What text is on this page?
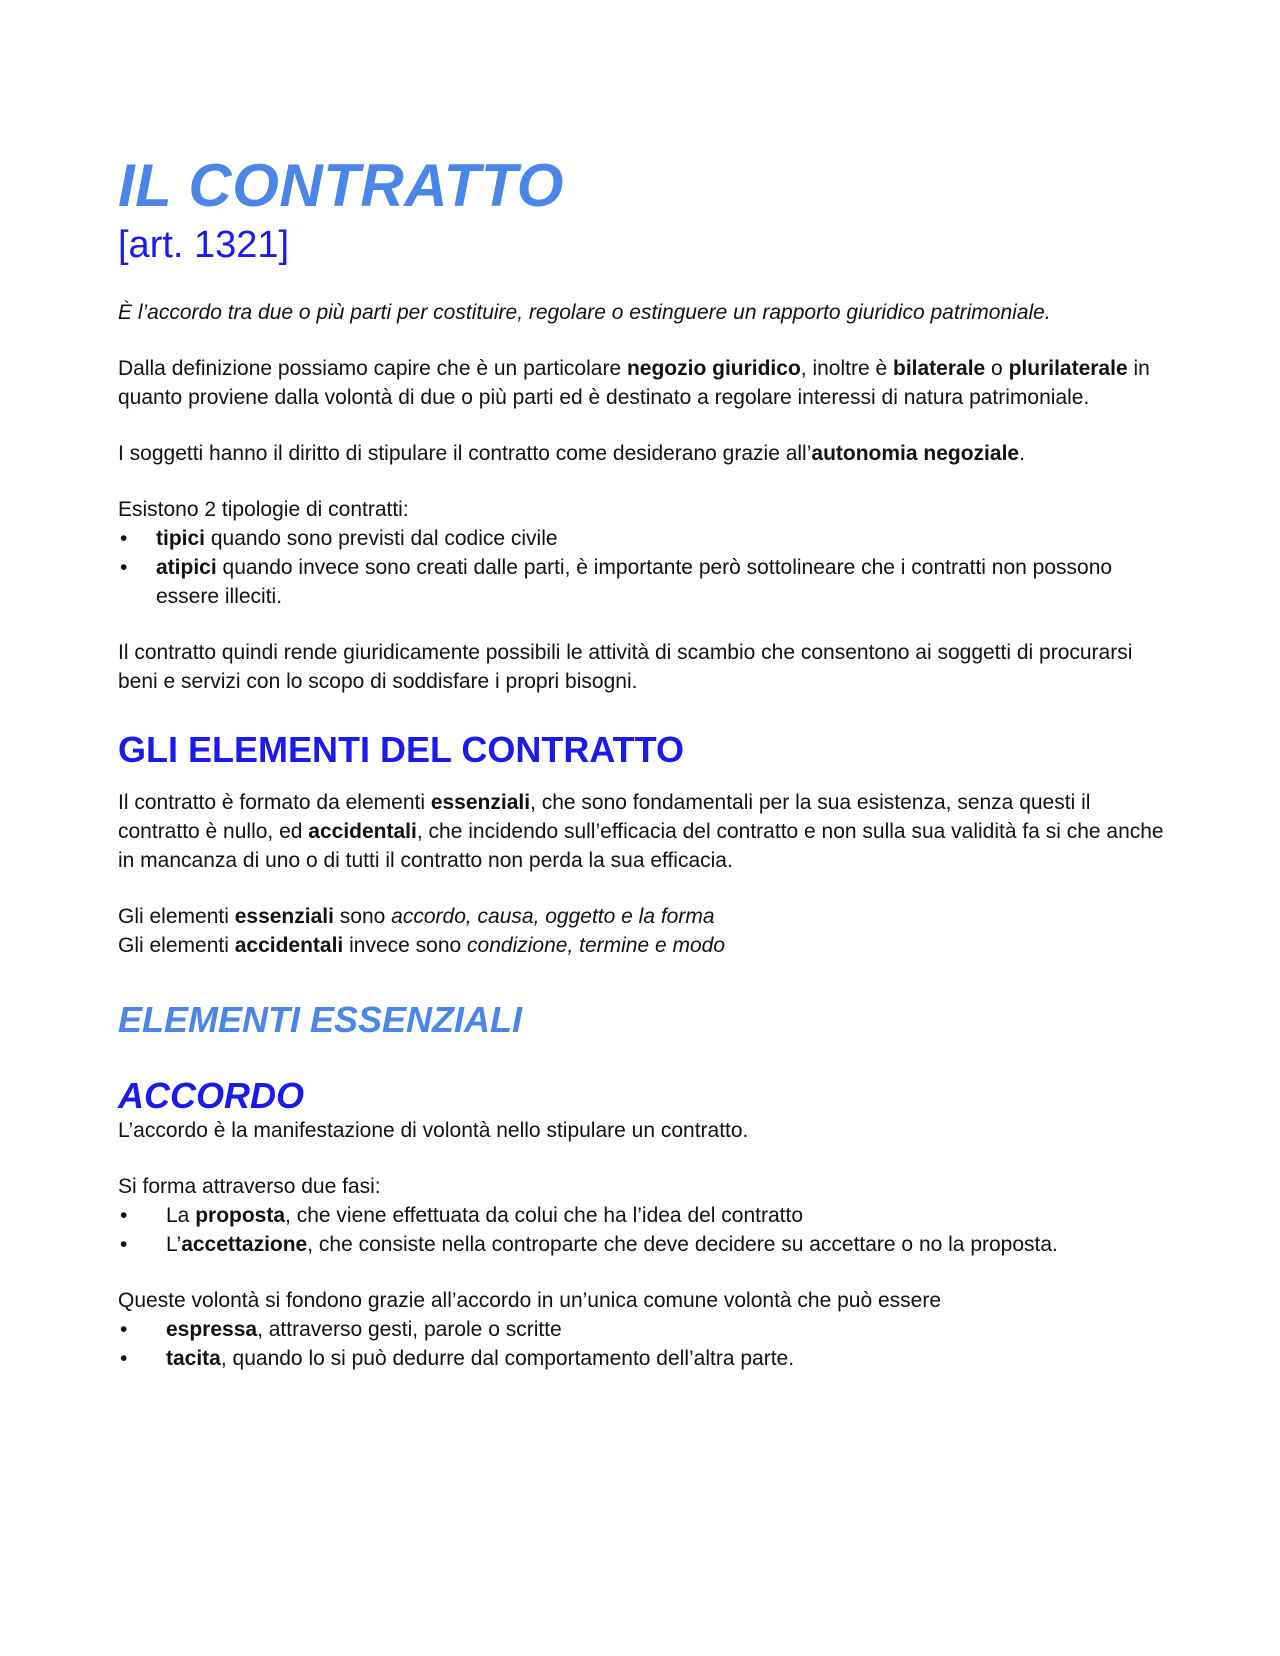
IL CONTRATTO
[art. 1321]

È l’accordo tra due o più parti per costituire, regolare o estinguere un rapporto giuridico patrimoniale.

Dalla definizione possiamo capire che è un particolare negozio giuridico, inoltre è bilaterale o plurilaterale in quanto proviene dalla volontà di due o più parti ed è destinato a regolare interessi di natura patrimoniale.

I soggetti hanno il diritto di stipulare il contratto come desiderano grazie all’autonomia negoziale.

Esistono 2 tipologie di contratti:

• tipici quando sono previsti dal codice civile
• atipici quando invece sono creati dalle parti, è importante però sottolineare che i contratti non possono essere illeciti.

Il contratto quindi rende giuridicamente possibili le attività di scambio che consentono ai soggetti di procurarsi beni e servizi con lo scopo di soddisfare i propri bisogni.

GLI ELEMENTI DEL CONTRATTO

Il contratto è formato da elementi essenziali, che sono fondamentali per la sua esistenza, senza questi il contratto è nullo, ed accidentali, che incidendo sull’efficacia del contratto e non sulla sua validità fa si che anche in mancanza di uno o di tutti il contratto non perda la sua efficacia.

Gli elementi essenziali sono accordo, causa, oggetto e la forma

Gli elementi accidentali invece sono condizione, termine e modo

ELEMENTI ESSENZIALI
ACCORDO

L’accordo è la manifestazione di volontà nello stipulare un contratto.

Si forma attraverso due fasi:

• La proposta, che viene effettuata da colui che ha l’idea del contratto
• L’accettazione, che consiste nella controparte che deve decidere su accettare o no la proposta.

Queste volontà si fondono grazie all’accordo in un’unica comune volontà che può essere

• espressa, attraverso gesti, parole o scritte
• tacita, quando lo si può dedurre dal comportamento dell’altra parte.
